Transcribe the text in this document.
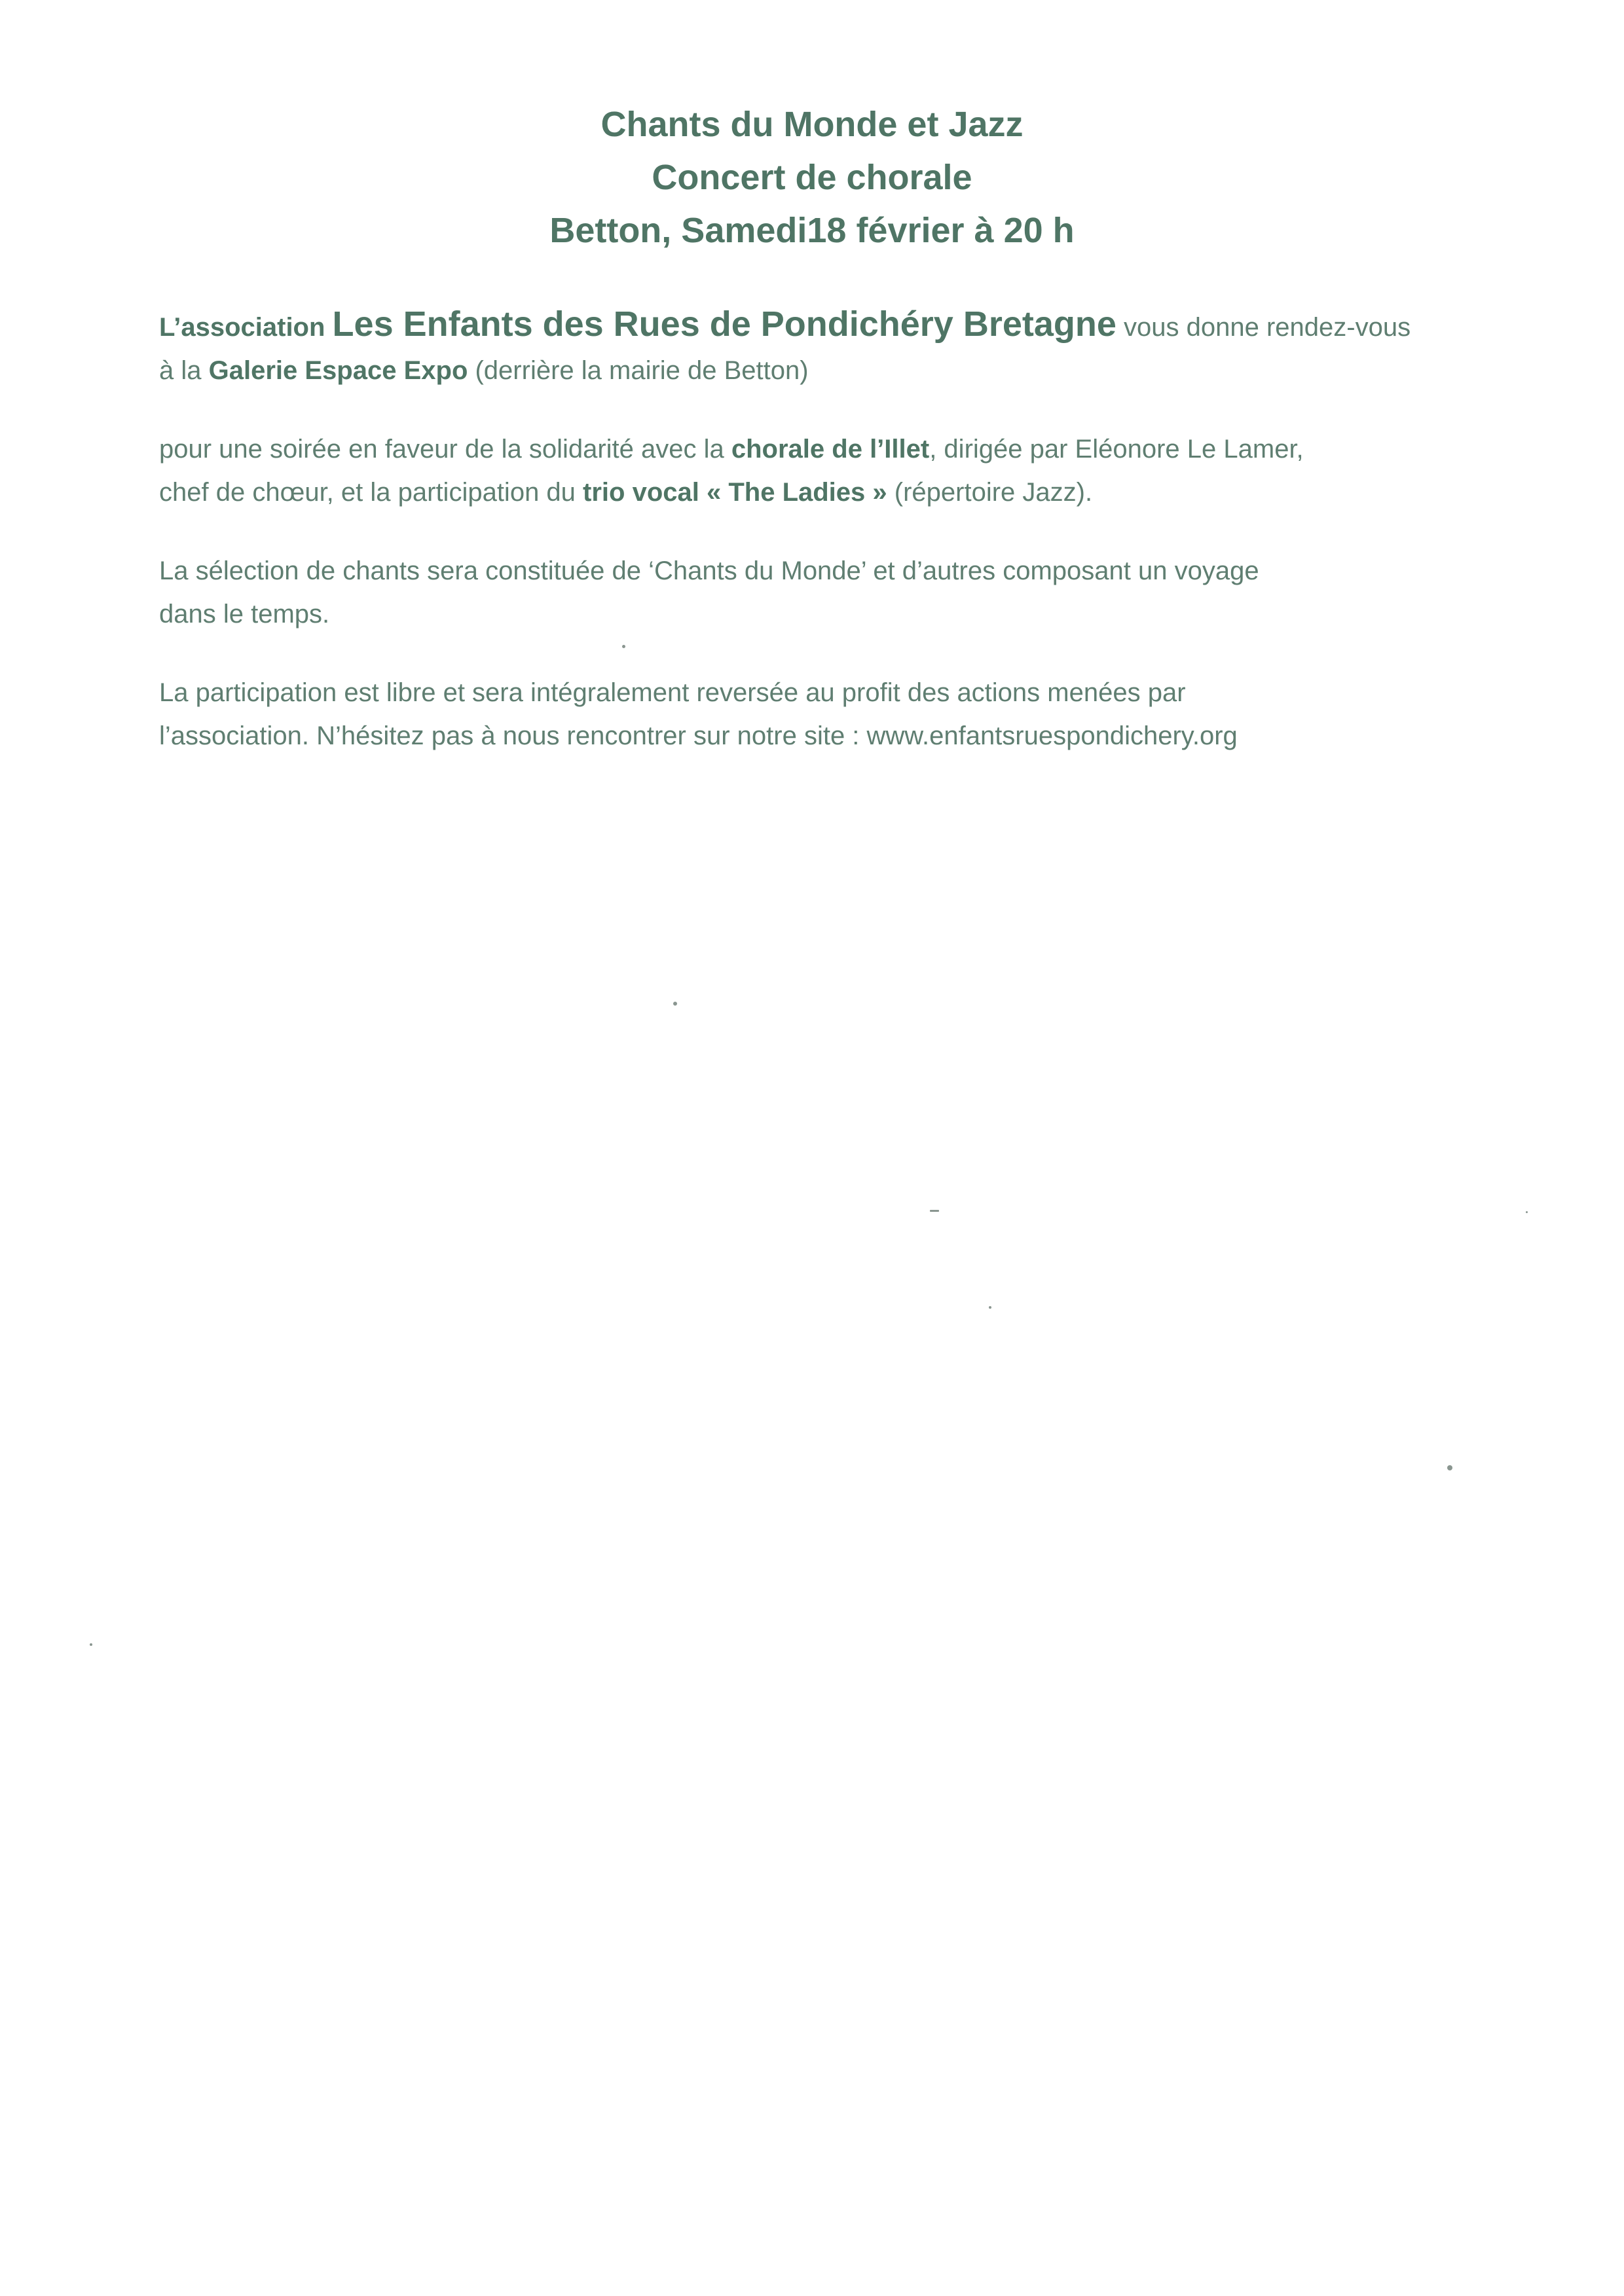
Chants du Monde et Jazz
Concert de chorale
Betton, Samedi18 février à 20 h

L’association Les Enfants des Rues de Pondichéry Bretagne vous donne rendez-vous
à la Galerie Espace Expo (derrière la mairie de Betton)

pour une soirée en faveur de la solidarité avec la chorale de l’Illet, dirigée par Eléonore Le Lamer,
chef de chœur, et la participation du trio vocal « The Ladies » (répertoire Jazz).

La sélection de chants sera constituée de ‘Chants du Monde’ et d’autres composant un voyage
dans le temps.

La participation est libre et sera intégralement reversée au profit des actions menées par
l’association. N’hésitez pas à nous rencontrer sur notre site : www.enfantsruespondichery.org
